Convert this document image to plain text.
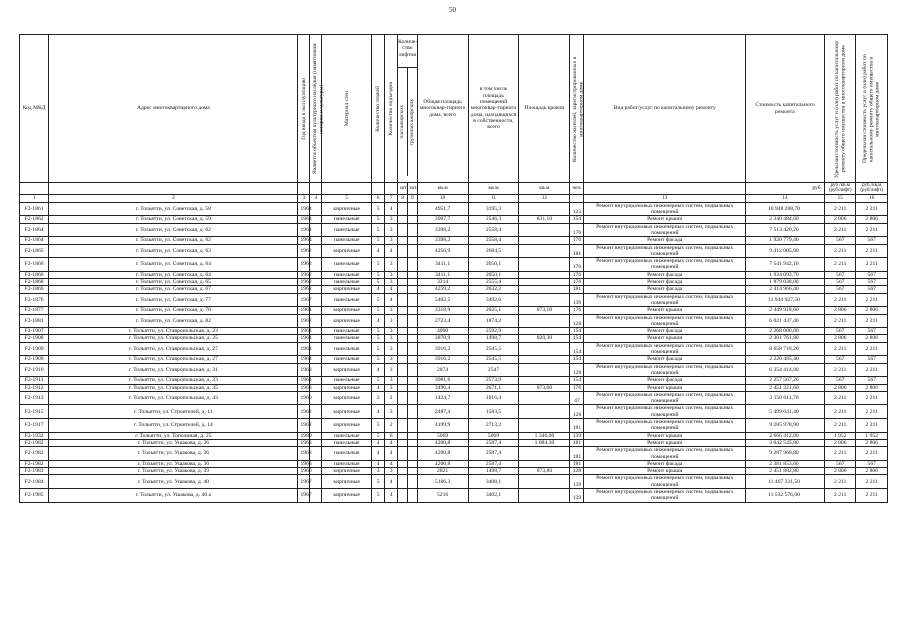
50
Код МКД	Адрес многоквартирного дома	Год ввода в эксплуатацию	Является объектом культурного наследия (памятником истории и культуры)	Материал стен	Количество этажей	Количество подъездов	Количе-ство лифтов
пассажирских грузопассажирских		Общая площадь многоквар-тирного дома, всего	в том числе площадь помещений многоквар-тирного дома, находящихся в собственности, всего	Площадь кровли	Количество жителей, зарегистрированных в многоквартирном доме	Вид работ/услуг по капитальному ремонту	Стоимость капитального ремонта	Удельная стоимость услуг и (или) работ по капитальному ремонту общего имущества в многоквартирном доме	Предельная стоимость услуг и (или) работ по капитальному ремонту общего имущества в многоквартирном доме

							шт.	шт.	кв.м	кв.м	кв.м	чел.		руб.	руб./кв.м (руб/лифт)	руб./кв.м (руб/лифт)
1	2	3	4	5	6	7	8	9	10	11	12		13	14	15	16
F2-1861	г. Тольятти, ул. Советская, д. 58	1964		кирпичные	5	4			4951,7	3195,3		123	Ремонт внутридомовых инженерных систем, подвальных помещений	10 948 208,70	2 211	2 211
F2-1862	г. Тольятти, ул. Советская, д. 59	1964		панельные	5	3			3907,7	2546,3	831,10	154	Ремонт крыши	2 340 484,60	2 806	2 806
F2-1864	г. Тольятти, ул. Советская, д. 62	1964		панельные	5	3			3398,2	2558,4		176	Ремонт внутридомовых инженерных систем, подвальных помещений	7 513 420,20	2 211	2 211
F2-1864	г. Тольятти, ул. Советская, д. 62	1964		панельные	5	3			3398,2	2558,4		176	Ремонт фасада	1 920 779,40	567	567
F2-1865	г. Тольятти, ул. Советская, д. 63	1962		кирпичные	4	4			4256,9	2684,5		181	Ремонт внутридомовых инженерных систем, подвальных помещений	9 412 005,90	2 211	2 211
F2-1866	г. Тольятти, ул. Советская, д. 64	1962		панельные	5	3			3411,1	2050,1		176	Ремонт внутридомовых инженерных систем, подвальных помещений	7 541 942,10	2 211	2 211
F2-1866	г. Тольятти, ул. Советская, д. 64	1962		панельные	5	3			3411,1	2050,1		176	Ремонт фасада	1 934 093,70	567	567
F2-1868	г. Тольятти, ул. Советская, д. 65	1962		панельные	5	3			3314	2555,4		176	Ремонт фасада	1 879 038,00	567	567
F2-1869	г. Тольятти, ул. Советская, д. 67	1962		кирпичные	4	4			4259,2	2632,2		181	Ремонт фасада	2 414 966,40	567	567
F2-1876	г. Тольятти, ул. Советская, д. 77	1967		панельные	5	4			5402,5	3492,6		139	Ремонт внутридомовых инженерных систем, подвальных помещений	11 944 927,50	2 211	2 211
F2-1877	г. Тольятти, ул. Советская, д. 78	1961		кирпичные	5	3			3318,9	2025,1	873,10	176	Ремонт крыши	2 449 918,60	2 806	2 806
F2-1881	г. Тольятти, ул. Советская, д. 82	1962		кирпичные	4	3			2723,4	1874,2		128	Ремонт внутридомовых инженерных систем, подвальных помещений	6 021 437,40	2 211	2 211
F2-1907	г. Тольятти, ул. Ставропольская, д. 23	1964		панельные	5	3			4000	2592,9		154	Ремонт фасада	2 268 000,00	567	567
F2-1908	г. Тольятти, ул. Ставропольская, д. 25	1964		панельные	5	3			3870,9	1498,7	820,30	154	Ремонт крыши	2 301 761,80	2 806	2 806
F2-1909	г. Тольятти, ул. Ставропольская, д. 27	1964		панельные	5	3			3916,2	2545,5		154	Ремонт внутридомовых инженерных систем, подвальных помещений	8 658 718,20	2 211	2 211
F2-1909	г. Тольятти, ул. Ставропольская, д. 27	1964		панельные	5	3			3916,2	2545,5		154	Ремонт фасада	2 220 485,40	567	567
F2-1910	г. Тольятти, ул. Ставропольская, д. 31	1963		кирпичные	4	3			2874	2547		128	Ремонт внутридомовых инженерных систем, подвальных помещений	6 354 414,00	2 211	2 211
F2-1911	г. Тольятти, ул. Ставропольская, д. 33	1964		панельные	5	3			3981,6	2573,9		154	Ремонт фасада	2 257 567,20	567	567
F2-1912	г. Тольятти, ул. Ставропольская, д. 35	1963		кирпичные	4	3			3496,4	2671,1	873,60	176	Ремонт крыши	2 451 321,60	2 806	2 806
F2-1913	г. Тольятти, ул. Ставропольская, д. 43	1960		кирпичные	3	2			1424,7	1016,4		47	Ремонт внутридомовых инженерных систем, подвальных помещений	3 150 011,70	2 211	2 211
F2-1915	г. Тольятти, ул. Строителей, д. 11	1962		кирпичные	4	3			2487,4	1583,5		128	Ремонт внутридомовых инженерных систем, подвальных помещений	5 499 641,40	2 211	2 211
F2-1917	г. Тольятти, ул. Строителей, д. 14	1962		кирпичные	5	2			4199,9	2713,2		181	Ремонт внутридомовых инженерных систем, подвальных помещений	9 285 978,90	2 211	2 211
F2-1932	г. Тольятти, ул. Тополиная, д. 25	1980		панельные	5	6			5069	5069	1 346,00	139	Ремонт крыши	2 666 412,00	1 952	1 952
F2-1982	г. Тольятти, ул. Ушакова, д. 36	1963		панельные	4	4			4200,8	2587,4	1 084,30	181	Ремонт крыши	3 042 545,80	2 806	2 806
F2-1982	г. Тольятти, ул. Ушакова, д. 36	1963		панельные	4	4			4200,8	2587,4		181	Ремонт внутридомовых инженерных систем, подвальных помещений	9 287 968,80	2 211	2 211
F2-1982	г. Тольятти, ул. Ушакова, д. 36	1963		панельные	4	4			4200,8	2587,4		181	Ремонт фасада	2 381 853,60	567	567
F2-1983	г. Тольятти, ул. Ушакова, д. 39	1960		кирпичные	3	3			2821	1498,7	873,80	128	Ремонт крыши	2 451 882,80	2 806	2 806
F2-1984	г. Тольятти, ул. Ушакова, д. 40	1967		кирпичные	5	4			5186,3	3408,1		139	Ремонт внутридомовых инженерных систем, подвальных помещений	11 467 331,50	2 211	2 211
F2-1985	г. Тольятти, ул. Ушакова, д. 40 а	1967		кирпичные	5	4			5216	3402,1		139	Ремонт внутридомовых инженерных систем, подвальных помещений	11 532 576,00	2 211	2 211
